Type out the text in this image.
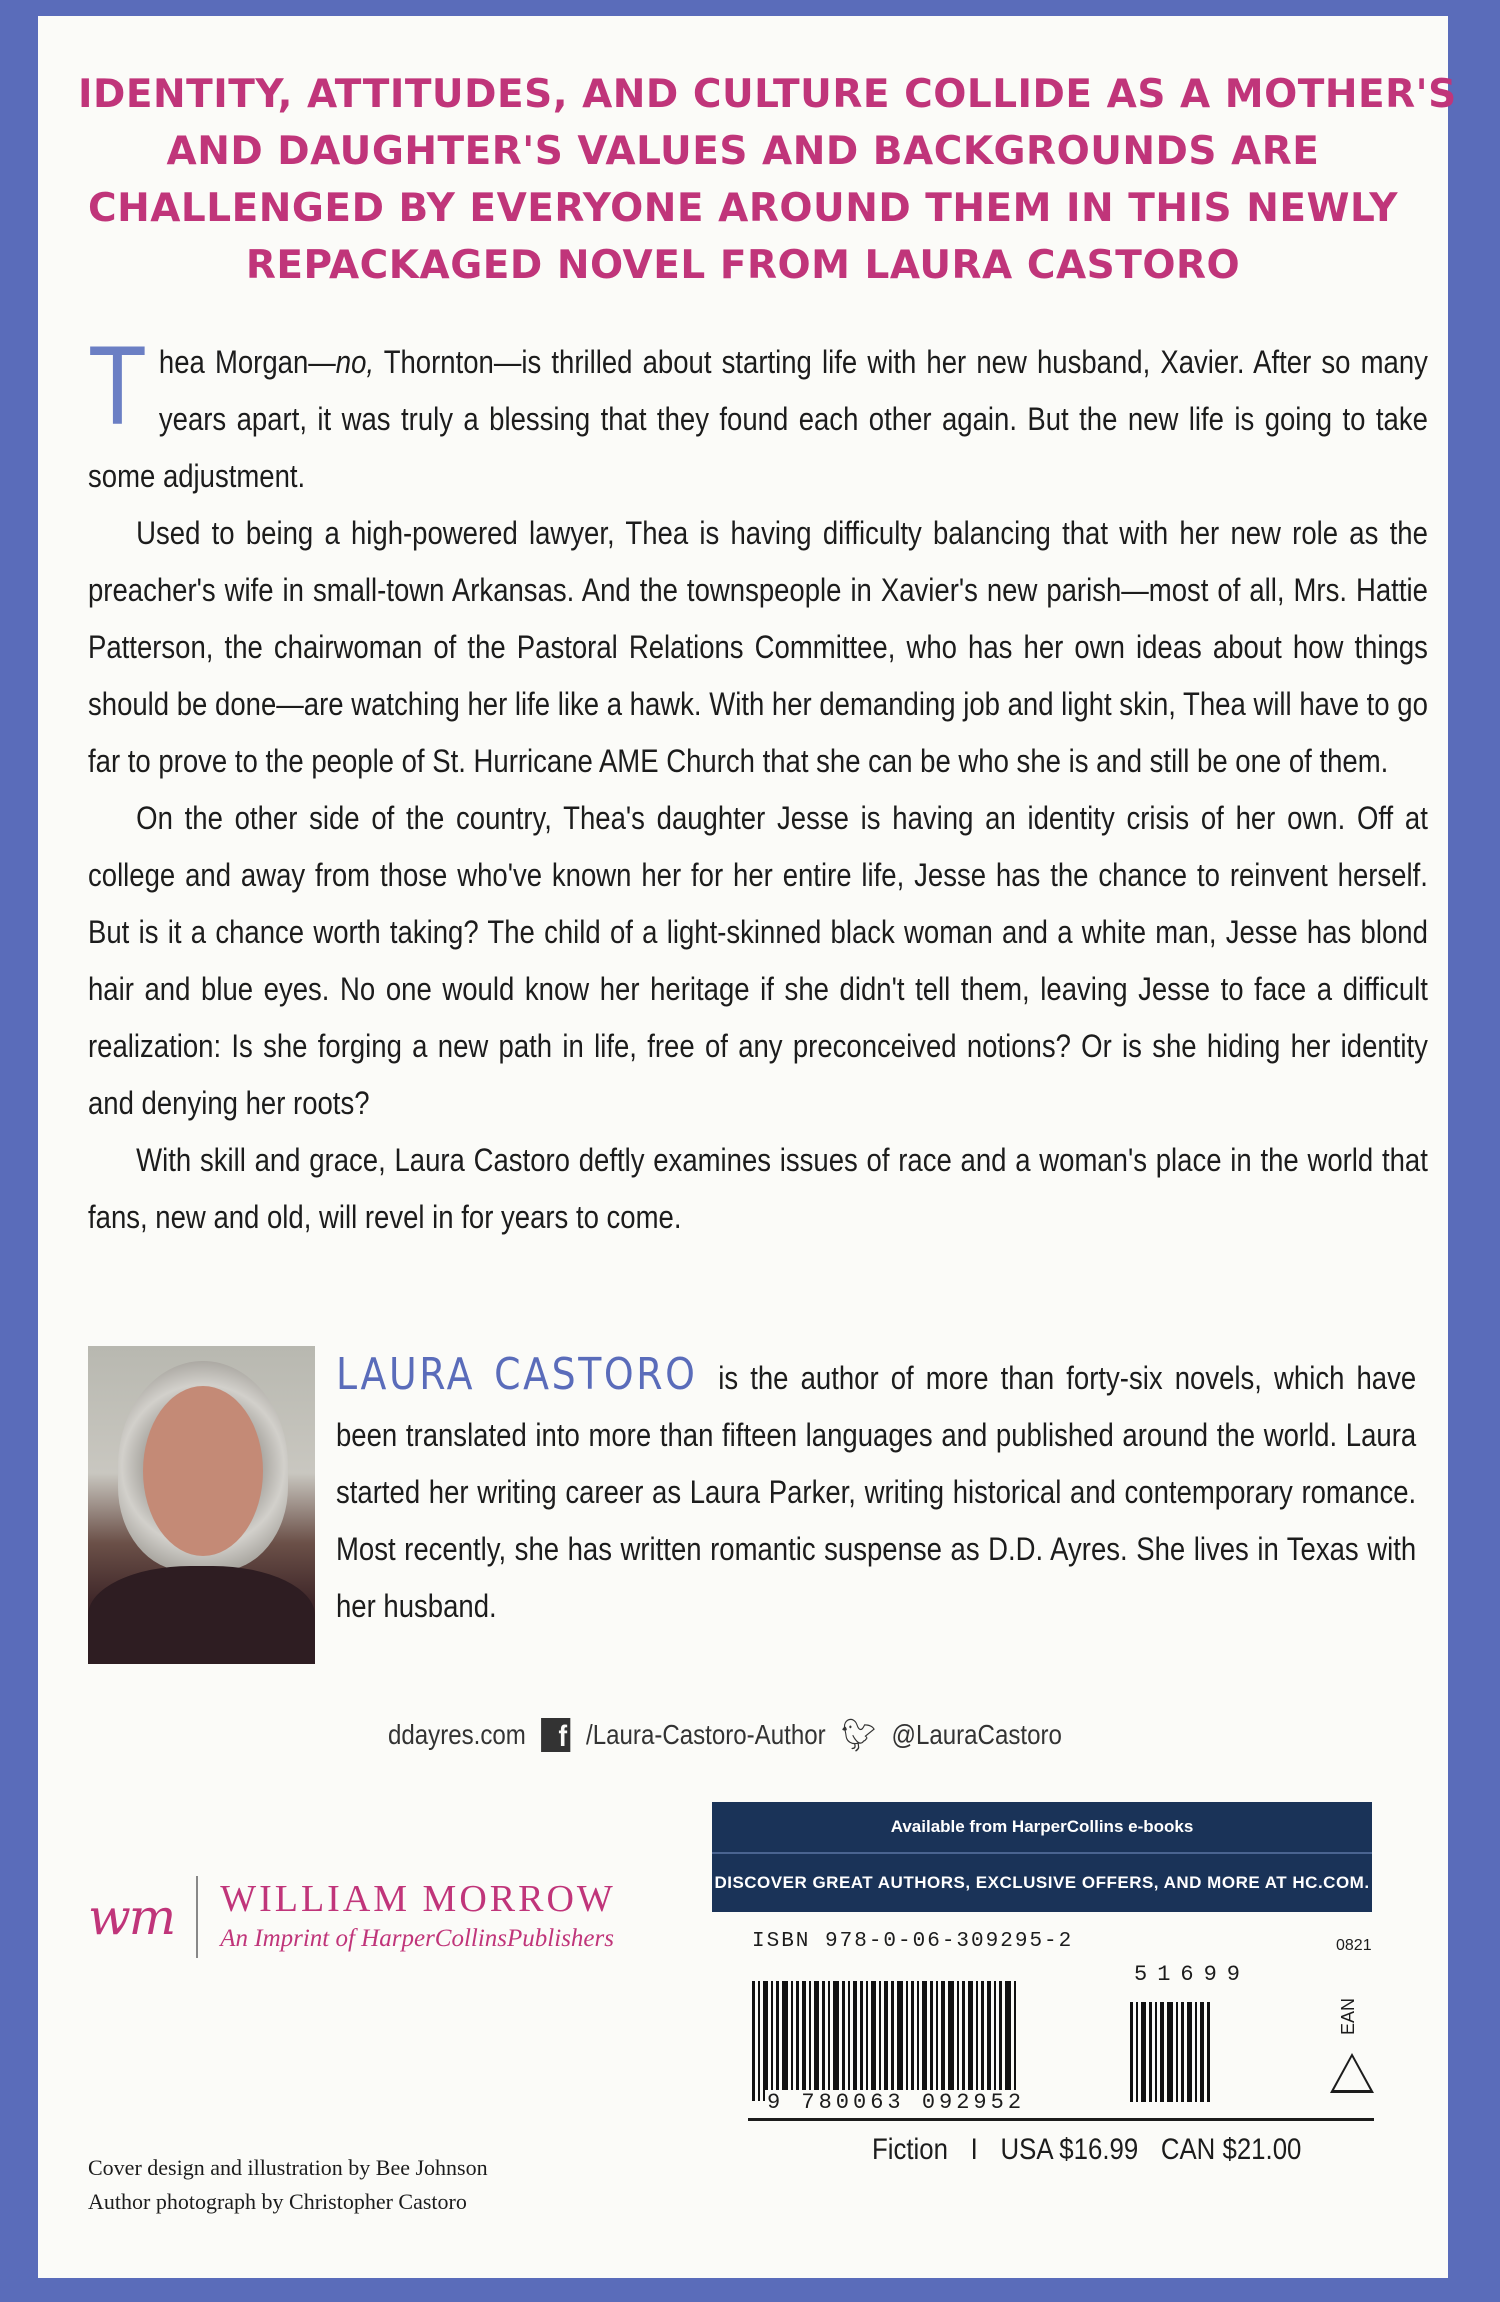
IDENTITY, ATTITUDES, AND CULTURE COLLIDE AS A MOTHER'S
AND DAUGHTER'S VALUES AND BACKGROUNDS ARE
CHALLENGED BY EVERYONE AROUND THEM IN THIS NEWLY
REPACKAGED NOVEL FROM LAURA CASTORO

Thea Morgan—no, Thornton—is thrilled about starting life with her new husband, Xavier. After so many years apart, it was truly a blessing that they found each other again. But the new life is going to take some adjustment.

Used to being a high-powered lawyer, Thea is having difficulty balancing that with her new role as the preacher's wife in small-town Arkansas. And the townspeople in Xavier's new parish—most of all, Mrs. Hattie Patterson, the chairwoman of the Pastoral Relations Committee, who has her own ideas about how things should be done—are watching her life like a hawk. With her demanding job and light skin, Thea will have to go far to prove to the people of St. Hurricane AME Church that she can be who she is and still be one of them.

On the other side of the country, Thea's daughter Jesse is having an identity crisis of her own. Off at college and away from those who've known her for her entire life, Jesse has the chance to reinvent herself. But is it a chance worth taking? The child of a light-skinned black woman and a white man, Jesse has blond hair and blue eyes. No one would know her heritage if she didn't tell them, leaving Jesse to face a difficult realization: Is she forging a new path in life, free of any preconceived notions? Or is she hiding her identity and denying her roots?

With skill and grace, Laura Castoro deftly examines issues of race and a woman's place in the world that fans, new and old, will revel in for years to come.

LAURA CASTORO is the author of more than forty-six novels, which have been translated into more than fifteen languages and published around the world. Laura started her writing career as Laura Parker, writing historical and contemporary romance. Most recently, she has written romantic suspense as D.D. Ayres. She lives in Texas with her husband.
ddayres.com	f /Laura-Castoro-Author 🐦︎ @LauraCastoro
wm WILLIAM MORROW
An Imprint of HarperCollinsPublishers
Cover design and illustration by Bee Johnson
Author photograph by Christopher Castoro
Available from HarperCollins e-books
DISCOVER GREAT AUTHORS, EXCLUSIVE OFFERS, AND MORE AT HC.COM.
ISBN 978-0-06-309295-2	0821
51699
9 780063 092952
EAN
Fiction I USA $16.99 CAN $21.00
